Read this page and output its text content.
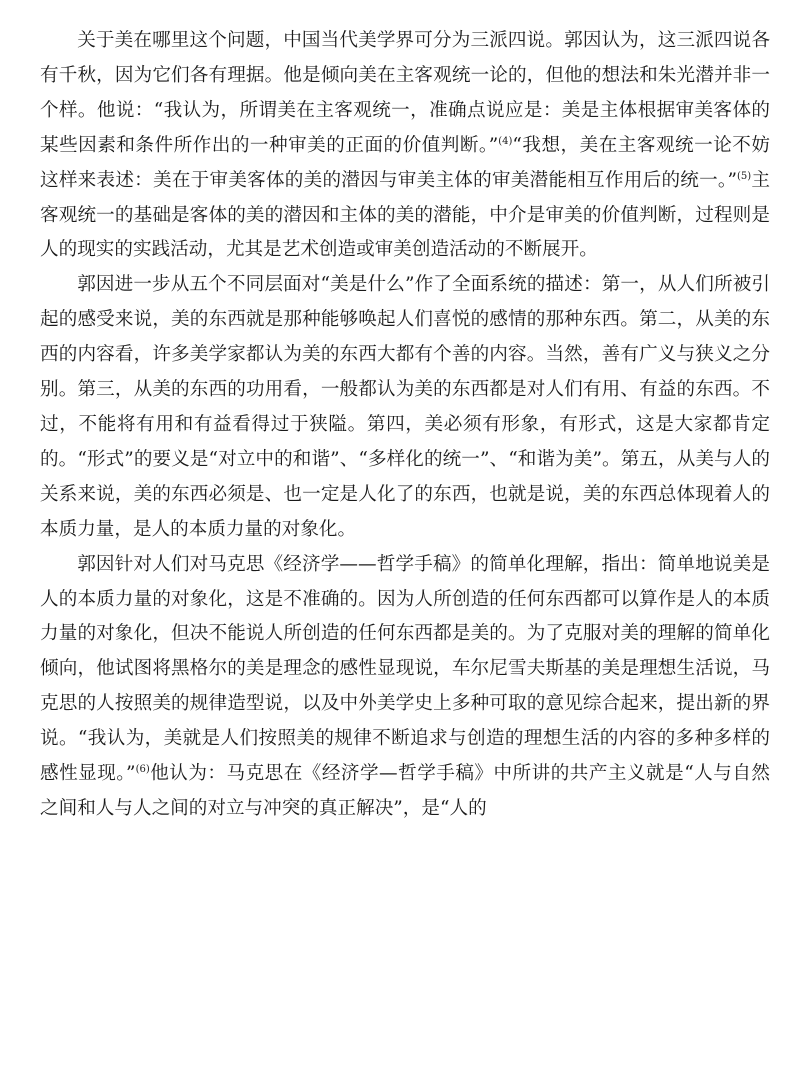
关于美在哪里这个问题，中国当代美学界可分为三派四说。郭因认为，这三派四说各有千秋，因为它们各有理据。他是倾向美在主客观统一论的，但他的想法和朱光潜并非一个样。他说：“我认为，所谓美在主客观统一，准确点说应是：美是主体根据审美客体的某些因素和条件所作出的一种审美的正面的价值判断。”$^{(4)}$“我想，美在主客观统一论不妨这样来表述：美在于审美客体的美的潜因与审美主体的审美潜能相互作用后的统一。”$^{(5)}$主客观统一的基础是客体的美的潜因和主体的美的潜能，中介是审美的价值判断，过程则是人的现实的实践活动，尤其是艺术创造或审美创造活动的不断展开。

郭因进一步从五个不同层面对“美是什么”作了全面系统的描述：第一，从人们所被引起的感受来说，美的东西就是那种能够唤起人们喜悦的感情的那种东西。第二，从美的东西的内容看，许多美学家都认为美的东西大都有个善的内容。当然，善有广义与狭义之分别。第三，从美的东西的功用看，一般都认为美的东西都是对人们有用、有益的东西。不过，不能将有用和有益看得过于狭隘。第四，美必须有形象，有形式，这是大家都肯定的。“形式”的要义是“对立中的和谐”、“多样化的统一”、“和谐为美”。第五，从美与人的关系来说，美的东西必须是、也一定是人化了的东西，也就是说，美的东西总体现着人的本质力量，是人的本质力量的对象化。

郭因针对人们对马克思《经济学——哲学手稿》的简单化理解，指出：简单地说美是人的本质力量的对象化，这是不准确的。因为人所创造的任何东西都可以算作是人的本质力量的对象化，但决不能说人所创造的任何东西都是美的。为了克服对美的理解的简单化倾向，他试图将黑格尔的美是理念的感性显现说，车尔尼雪夫斯基的美是理想生活说，马克思的人按照美的规律造型说，以及中外美学史上多种可取的意见综合起来，提出新的界说。“我认为，美就是人们按照美的规律不断追求与创造的理想生活的内容的多种多样的感性显现。”$^{(6)}$他认为：马克思在《经济学—哲学手稿》中所讲的共产主义就是“人与自然之间和人与人之间的对立与冲突的真正解决”，是“人的
